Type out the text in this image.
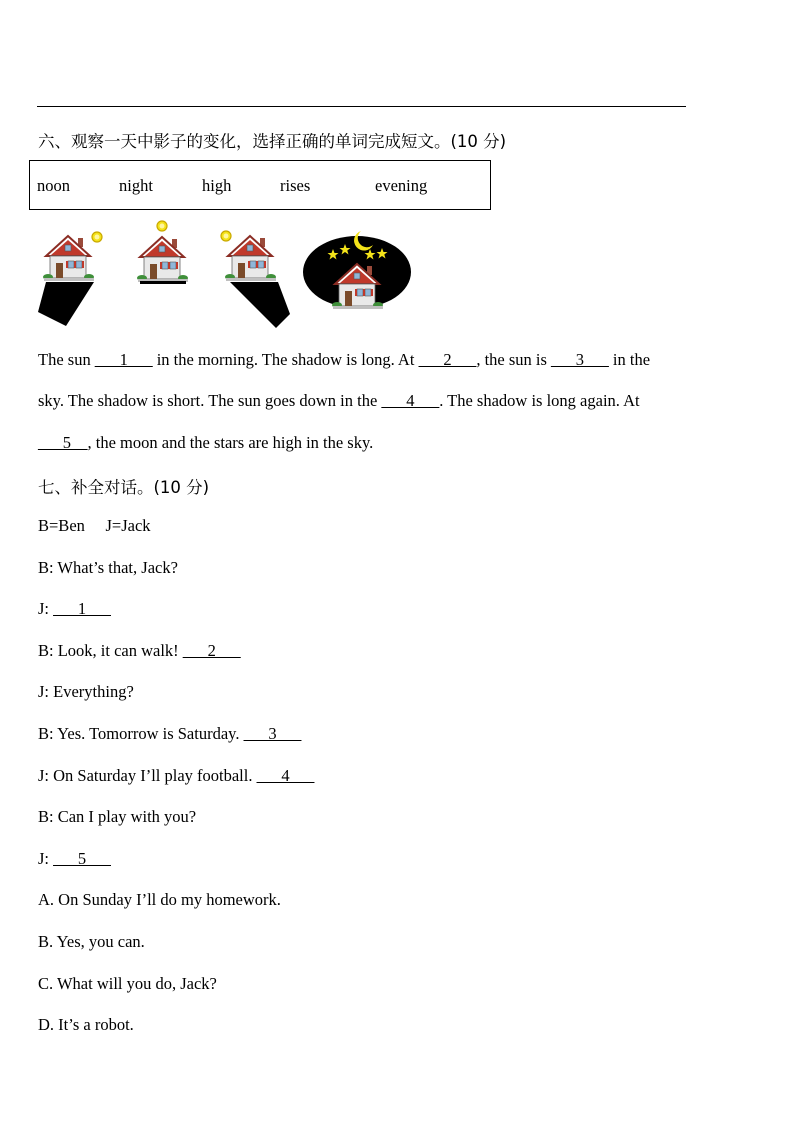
六、观察一天中影子的变化，选择正确的单词完成短文。(10 分)
noon	night	high	rises	evening
The sun ___1___ in the morning. The shadow is long. At ___2___, the sun is ___3___ in the
sky. The shadow is short. The sun goes down in the ___4___. The shadow is long again. At
___5__, the moon and the stars are high in the sky.
七、补全对话。(10 分)
B=Ben     J=Jack
B: What’s that, Jack?
J: ___1___
B: Look, it can walk! ___2___
J: Everything?
B: Yes. Tomorrow is Saturday. ___3___
J: On Saturday I’ll play football. ___4___
B: Can I play with you?
J: ___5___
A. On Sunday I’ll do my homework.
B. Yes, you can.
C. What will you do, Jack?
D. It’s a robot.
